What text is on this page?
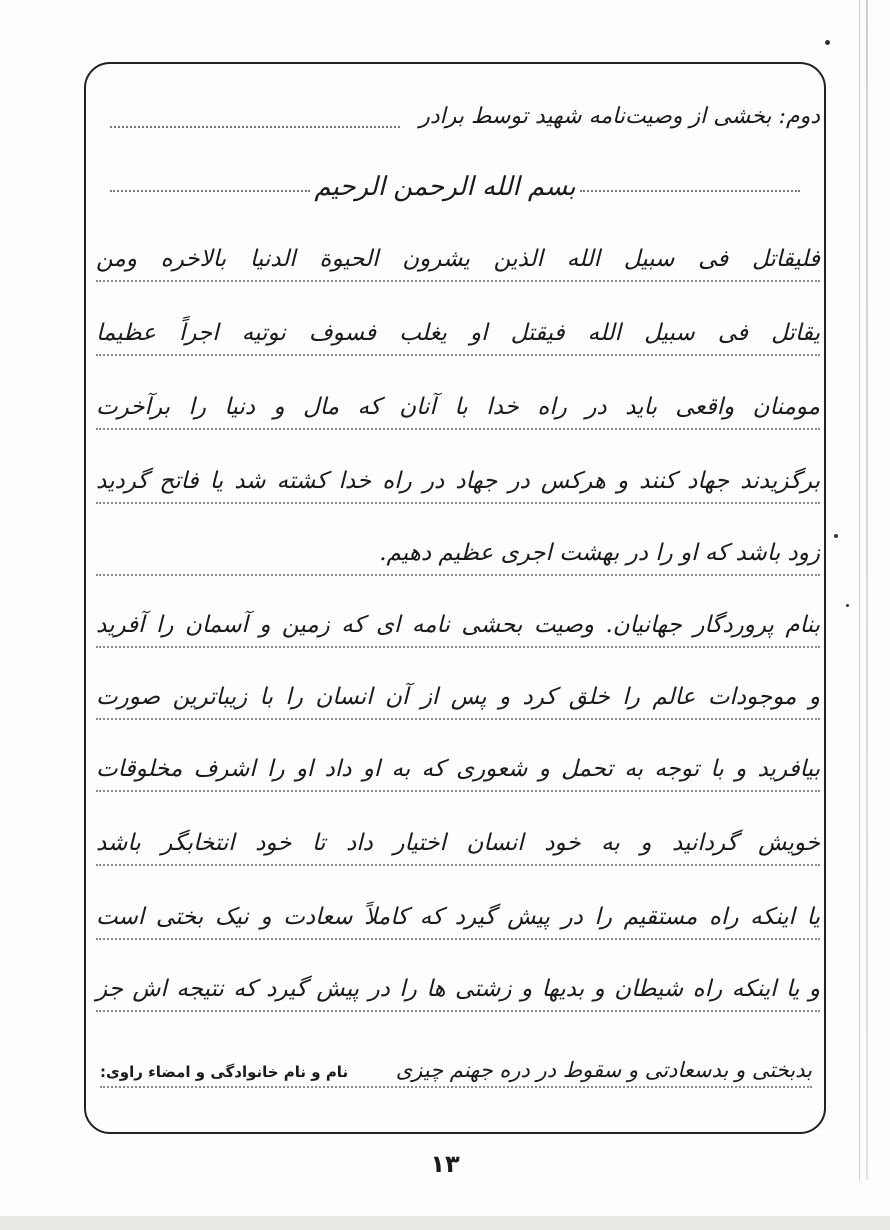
دوم: بخشی از وصیت‌نامه شهید توسط برادر
بسم الله الرحمن الرحیم
فلیقاتل فی سبیل الله الذین یشرون الحیوة الدنیا بالاخره ومن
یقاتل فی سبیل الله فیقتل او یغلب فسوف نوتیه اجراً عظیما
مومنان واقعی باید در راه خدا با آنان که مال و دنیا را برآخرت
برگزیدند جهاد کنند و هرکس در جهاد در راه خدا کشته شد یا فاتح گردید
زود باشد که او را در بهشت اجری عظیم دهیم.
بنام پروردگار جهانیان. وصیت بحشی نامه ای که زمین و آسمان را آفرید
و موجودات عالم را خلق کرد و پس از آن انسان را با زیباترین صورت
بیافرید و با توجه به تحمل و شعوری که به او داد او را اشرف مخلوقات
خویش گردانید و به خود انسان اختیار داد تا خود انتخابگر باشد
یا اینکه راه مستقیم را در پیش گیرد که کاملاً سعادت و نیک بختی است
و یا اینکه راه شیطان و بدیها و زشتی ها را در پیش گیرد که نتیجه اش جز
بدبختی و بدسعادتی و سقوط در دره جهنم چیزی
نام و نام خانوادگی و امضاء راوی:
۱۳
